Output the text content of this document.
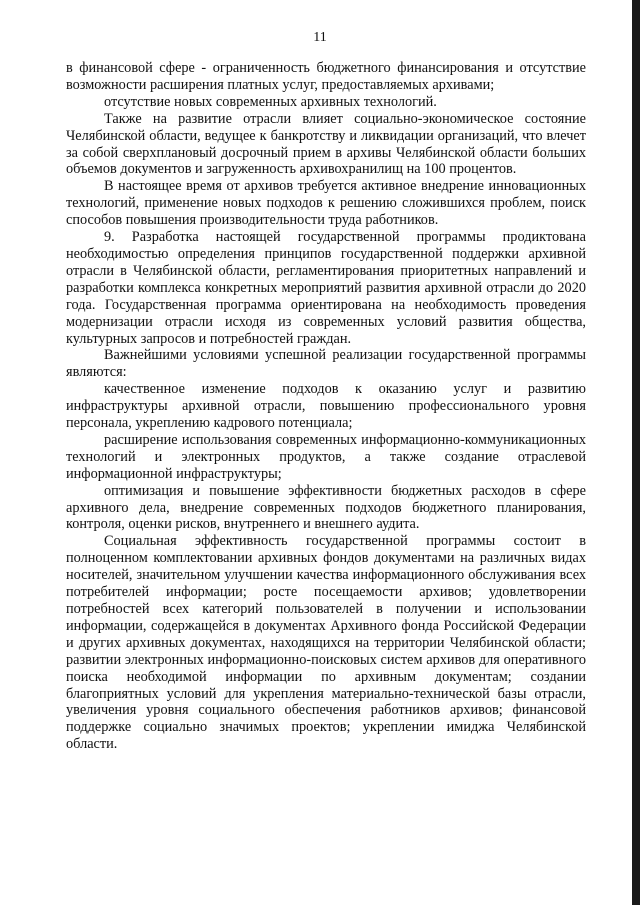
11

в финансовой сфере - ограниченность бюджетного финансирования и отсутствие возможности расширения платных услуг, предоставляемых архивами;

отсутствие новых современных архивных технологий.

Также на развитие отрасли влияет социально-экономическое состояние Челябинской области, ведущее к банкротству и ликвидации организаций, что влечет за собой сверхплановый досрочный прием в архивы Челябинской области больших объемов документов и загруженность архивохранилищ на 100 процентов.

В настоящее время от архивов требуется активное внедрение инновационных технологий, применение новых подходов к решению сложившихся проблем, поиск способов повышения производительности труда работников.

9. Разработка настоящей государственной программы продиктована необходимостью определения принципов государственной поддержки архивной отрасли в Челябинской области, регламентирования приоритетных направлений и разработки комплекса конкретных мероприятий развития архивной отрасли до 2020 года. Государственная программа ориентирована на необходимость проведения модернизации отрасли исходя из современных условий развития общества, культурных запросов и потребностей граждан.

Важнейшими условиями успешной реализации государственной программы являются:

качественное изменение подходов к оказанию услуг и развитию инфраструктуры архивной отрасли, повышению профессионального уровня персонала, укреплению кадрового потенциала;

расширение использования современных информационно-коммуникационных технологий и электронных продуктов, а также создание отраслевой информационной инфраструктуры;

оптимизация и повышение эффективности бюджетных расходов в сфере архивного дела, внедрение современных подходов бюджетного планирования, контроля, оценки рисков, внутреннего и внешнего аудита.

Социальная эффективность государственной программы состоит в полноценном комплектовании архивных фондов документами на различных видах носителей, значительном улучшении качества информационного обслуживания всех потребителей информации; росте посещаемости архивов; удовлетворении потребностей всех категорий пользователей в получении и использовании информации, содержащейся в документах Архивного фонда Российской Федерации и других архивных документах, находящихся на территории Челябинской области; развитии электронных информационно-поисковых систем архивов для оперативного поиска необходимой информации по архивным документам; создании благоприятных условий для укрепления материально-технической базы отрасли, увеличения уровня социального обеспечения работников архивов; финансовой поддержке социально значимых проектов; укреплении имиджа Челябинской области.
